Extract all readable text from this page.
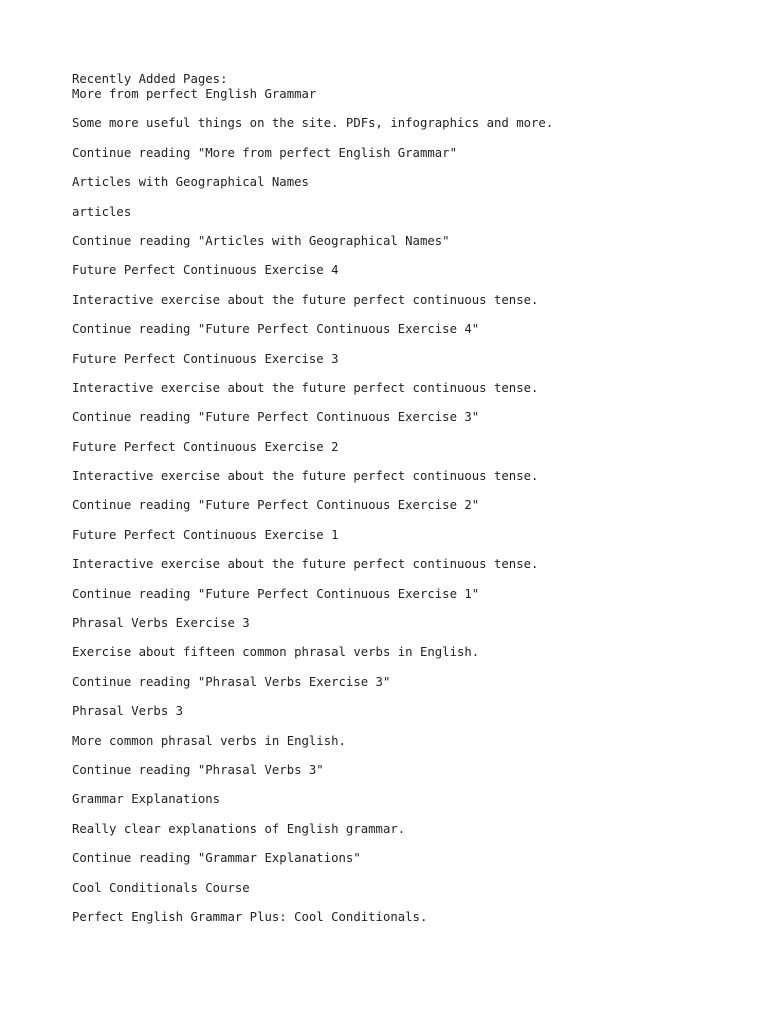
Recently Added Pages:

More from perfect English Grammar

Some more useful things on the site. PDFs, infographics and more.

Continue reading "More from perfect English Grammar"

Articles with Geographical Names

articles

Continue reading "Articles with Geographical Names"

Future Perfect Continuous Exercise 4

Interactive exercise about the future perfect continuous tense.

Continue reading "Future Perfect Continuous Exercise 4"

Future Perfect Continuous Exercise 3

Interactive exercise about the future perfect continuous tense.

Continue reading "Future Perfect Continuous Exercise 3"

Future Perfect Continuous Exercise 2

Interactive exercise about the future perfect continuous tense.

Continue reading "Future Perfect Continuous Exercise 2"

Future Perfect Continuous Exercise 1

Interactive exercise about the future perfect continuous tense.

Continue reading "Future Perfect Continuous Exercise 1"

Phrasal Verbs Exercise 3

Exercise about fifteen common phrasal verbs in English.

Continue reading "Phrasal Verbs Exercise 3"

Phrasal Verbs 3

More common phrasal verbs in English.

Continue reading "Phrasal Verbs 3"

Grammar Explanations

Really clear explanations of English grammar.

Continue reading "Grammar Explanations"

Cool Conditionals Course

Perfect English Grammar Plus: Cool Conditionals.
